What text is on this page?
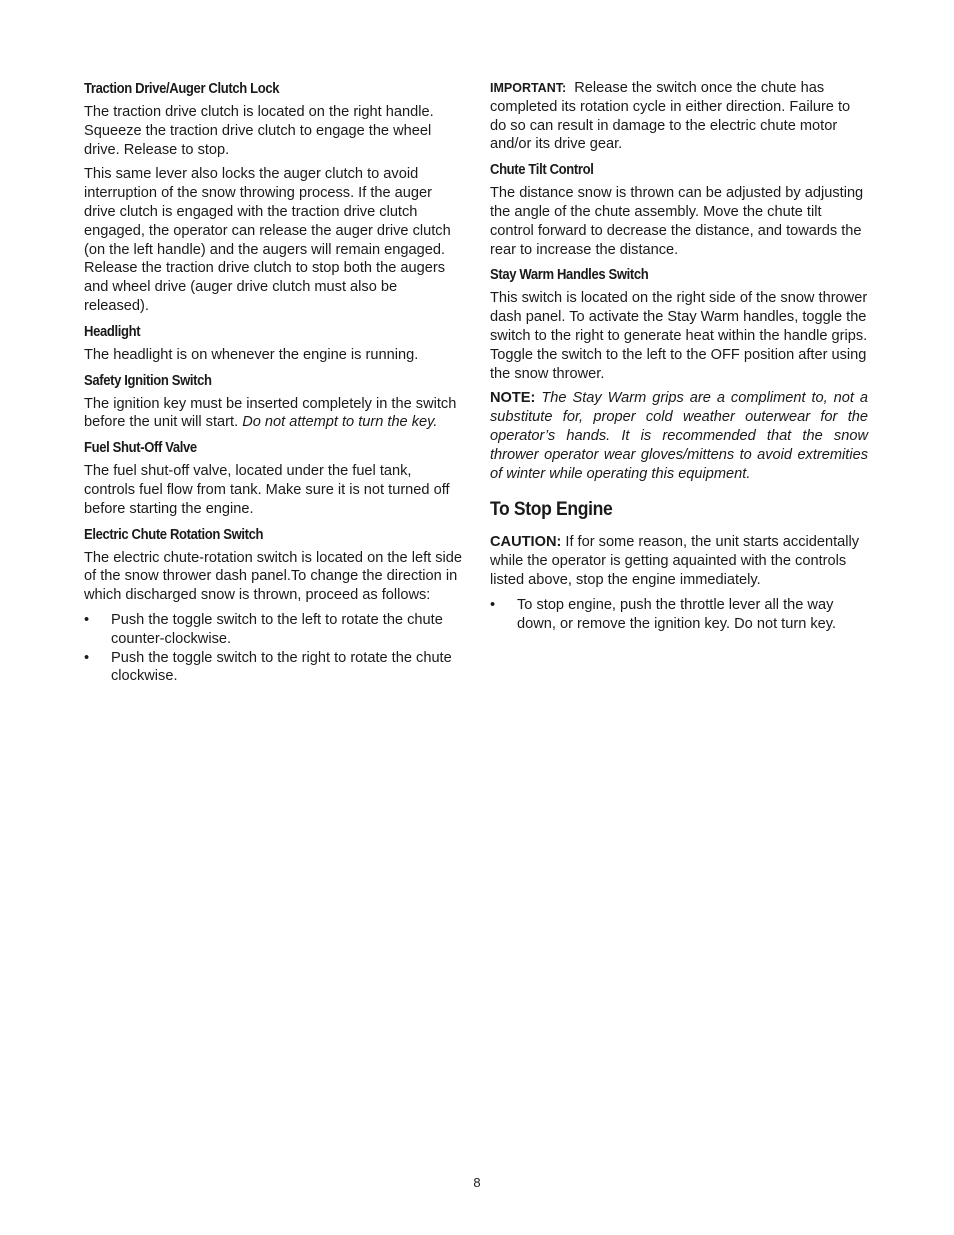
Traction Drive/Auger Clutch Lock

The traction drive clutch is located on the right handle. Squeeze the traction drive clutch to engage the wheel drive. Release to stop.

This same lever also locks the auger clutch to avoid interruption of the snow throwing process. If the auger drive clutch is engaged with the traction drive clutch engaged, the operator can release the auger drive clutch (on the left handle) and the augers will remain engaged. Release the traction drive clutch to stop both the augers and wheel drive (auger drive clutch must also be released).

Headlight

The headlight is on whenever the engine is running.

Safety Ignition Switch

The ignition key must be inserted completely in the switch before the unit will start. Do not attempt to turn the key.

Fuel Shut-Off Valve

The fuel shut-off valve, located under the fuel tank, controls fuel flow from tank. Make sure it is not turned off before starting the engine.

Electric Chute Rotation Switch

The electric chute-rotation switch is located on the left side of the snow thrower dash panel.To change the direction in which discharged snow is thrown, proceed as follows:

• Push the toggle switch to the left to rotate the chute counter-clockwise.
• Push the toggle switch to the right to rotate the chute clockwise.

IMPORTANT:  Release the switch once the chute has completed its rotation cycle in either direction. Failure to do so can result in damage to the electric chute motor and/or its drive gear.

Chute Tilt Control

The distance snow is thrown can be adjusted by adjusting the angle of the chute assembly. Move the chute tilt control forward to decrease the distance, and towards the rear to increase the distance.

Stay Warm Handles Switch

This switch is located on the right side of the snow thrower dash panel. To activate the Stay Warm handles, toggle the switch to the right to generate heat within the handle grips. Toggle the switch to the left to the OFF position after using the snow thrower.

NOTE: The Stay Warm grips are a compliment to, not a substitute for, proper cold weather outerwear for the operator’s hands. It is recommended that the snow thrower operator wear gloves/mittens to avoid extremities of winter while operating this equipment.

To Stop Engine

CAUTION: If for some reason, the unit starts accidentally while the operator is getting aquainted with the controls listed above, stop the engine immediately.

• To stop engine, push the throttle lever all the way down, or remove the ignition key. Do not turn key.
8
